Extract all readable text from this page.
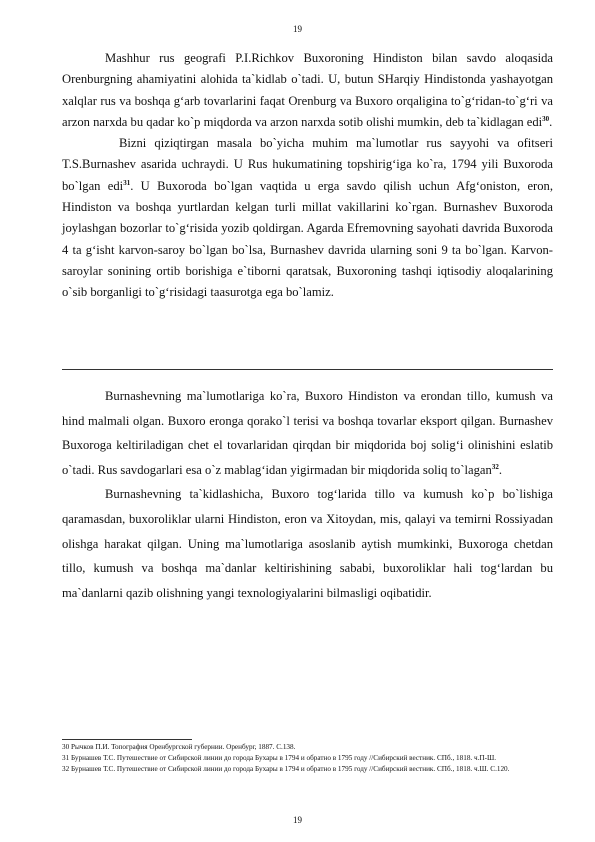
19

Mashhur rus geografi P.I.Richkov Buxoroning Hindiston bilan savdo aloqasida Orenburgning ahamiyatini alohida ta`kidlab o`tadi. U, butun SHarqiy Hindistonda yashayotgan xalqlar rus va boshqa g‘arb tovarlarini faqat Orenburg va Buxoro orqaligina to`g‘ridan-to`g‘ri va arzon narxda bu qadar ko`p miqdorda va arzon narxda sotib olishi mumkin, deb ta`kidlagan edi$^{30}$.

Bizni qiziqtirgan masala bo`yicha muhim ma`lumotlar rus sayyohi va ofitseri T.S.Burnashev asarida uchraydi. U Rus hukumatining topshirig‘iga ko`ra, 1794 yili Buxoroda bo`lgan edi$^{31}$. U Buxoroda bo`lgan vaqtida u erga savdo qilish uchun Afg‘oniston, eron, Hindiston va boshqa yurtlardan kelgan turli millat vakillarini ko`rgan. Burnashev Buxoroda joylashgan bozorlar to`g‘risida yozib qoldirgan. Agarda Efremovning sayohati davrida Buxoroda 4 ta g‘isht karvon-saroy bo`lgan bo`lsa, Burnashev davrida ularning soni 9 ta bo`lgan. Karvon-saroylar sonining ortib borishiga e`tiborni qaratsak, Buxoroning tashqi iqtisodiy aloqalarining o`sib borganligi to`g‘risidagi taasurotga ega bo`lamiz.

Burnashevning ma`lumotlariga ko`ra, Buxoro Hindiston va erondan tillo, kumush va hind malmali olgan. Buxoro eronga qorako`l terisi va boshqa tovarlar eksport qilgan. Burnashev Buxoroga keltiriladigan chet el tovarlaridan qirqdan bir miqdorida boj solig‘i olinishini eslatib o`tadi. Rus savdogarlari esa o`z mablag‘idan yigirmadan bir miqdorida soliq to`lagan$^{32}$.

Burnashevning ta`kidlashicha, Buxoro tog‘larida tillo va kumush ko`p bo`lishiga qaramasdan, buxoroliklar ularni Hindiston, eron va Xitoydan, mis, qalayi va temirni Rossiyadan olishga harakat qilgan. Uning ma`lumotlariga asoslanib aytish mumkinki, Buxoroga chetdan tillo, kumush va boshqa ma`danlar keltirishining sababi, buxoroliklar hali tog‘lardan bu ma`danlarni qazib olishning yangi texnologiyalarini bilmasligi oqibatidir.

30 Рычков П.И. Топография Оренбургской губернии. Оренбург, 1887. С.138.

31 Бурнашев Т.С. Путешествие от Сибирской линии до города Бухары в 1794 и обратно в 1795 году //Сибирский вестник. СПб., 1818. ч.П-Ш.

32 Бурнашев Т.С. Путешествие от Сибирской линии до города Бухары в 1794 и обратно в 1795 году //Сибирский вестник. СПб., 1818. ч.Ш. С.120.

19
